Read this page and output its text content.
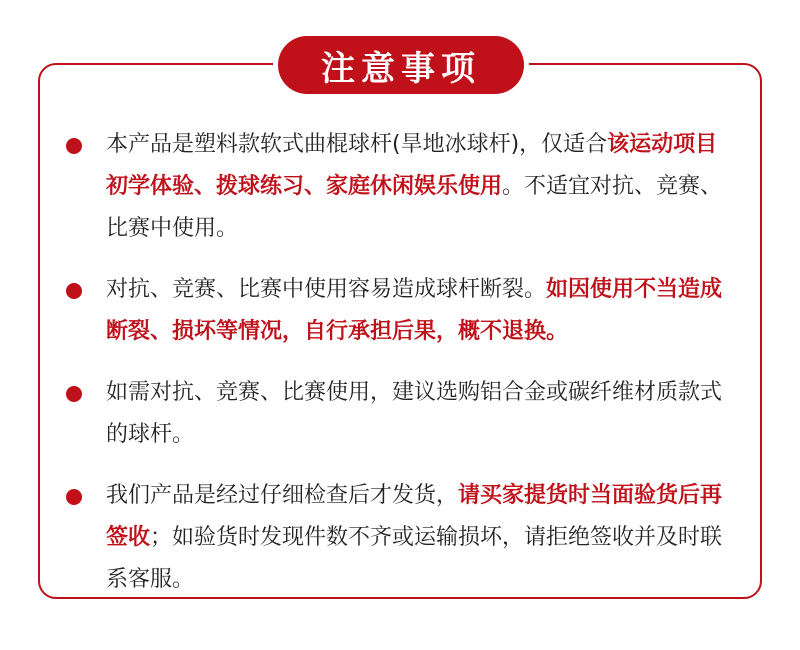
注意事项
本产品是塑料款软式曲棍球杆(旱地冰球杆)，仅适合该运动项目初学体验、拨球练习、家庭休闲娱乐使用。不适宜对抗、竞赛、比赛中使用。
对抗、竞赛、比赛中使用容易造成球杆断裂。如因使用不当造成断裂、损坏等情况，自行承担后果，概不退换。
如需对抗、竞赛、比赛使用，建议选购铝合金或碳纤维材质款式的球杆。
我们产品是经过仔细检查后才发货，请买家提货时当面验货后再签收；如验货时发现件数不齐或运输损坏，请拒绝签收并及时联系客服。
